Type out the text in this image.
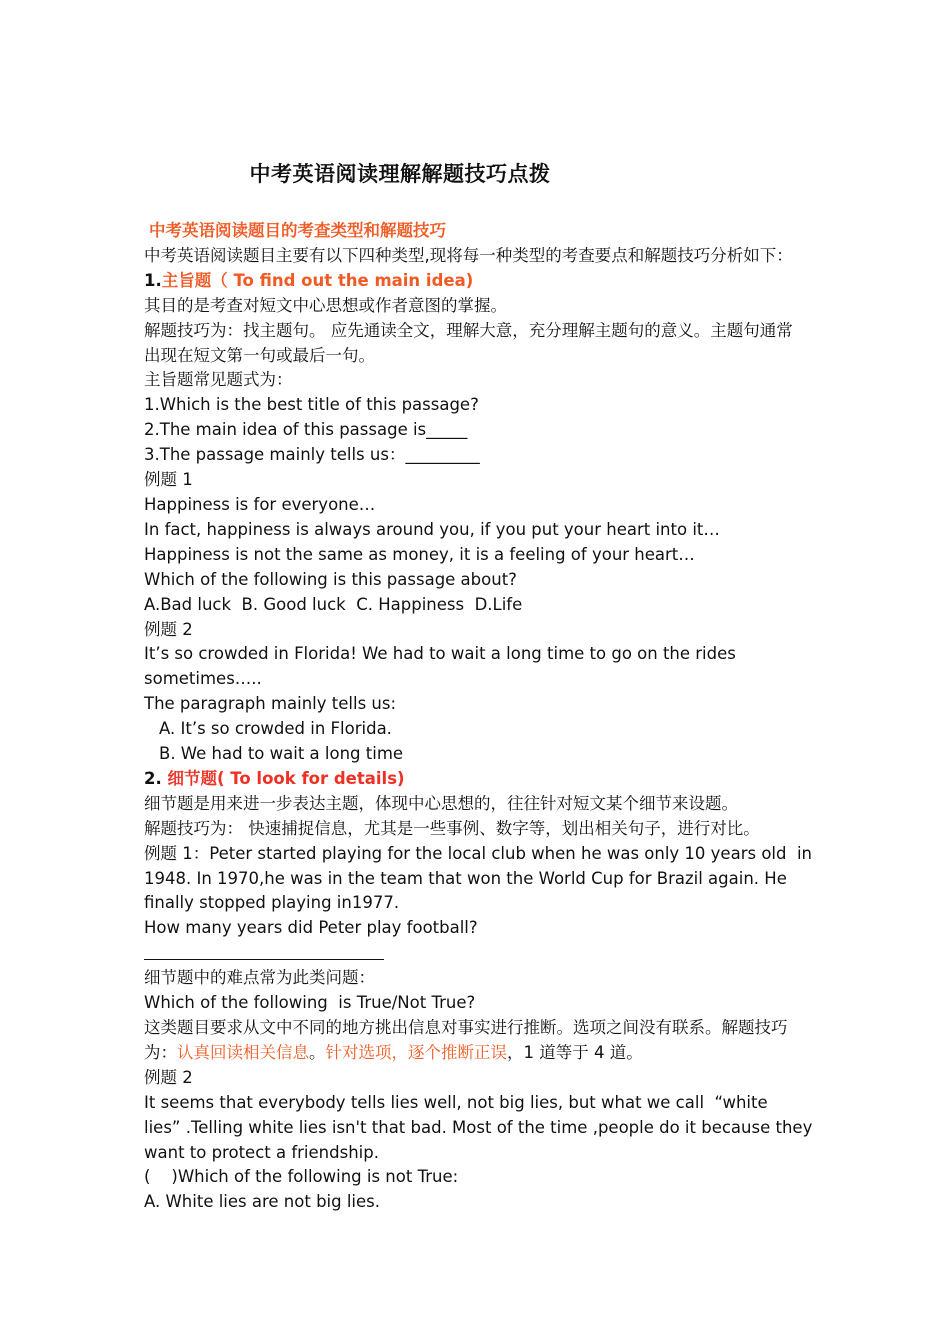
中考英语阅读理解解题技巧点拨
中考英语阅读题目的考查类型和解题技巧
中考英语阅读题目主要有以下四种类型,现将每一种类型的考查要点和解题技巧分析如下：
1.主旨题（ To find out the main idea)
其目的是考查对短文中心思想或作者意图的掌握。
解题技巧为：找主题句。 应先通读全文，理解大意，充分理解主题句的意义。主题句通常
出现在短文第一句或最后一句。
主旨题常见题式为：
1.Which is the best title of this passage?
2.The main idea of this passage is_____
3.The passage mainly tells us：_________
例题 1
Happiness is for everyone…
In fact, happiness is always around you, if you put your heart into it…
Happiness is not the same as money, it is a feeling of your heart…
Which of the following is this passage about?
A.Bad luck  B. Good luck  C. Happiness  D.Life
例题 2
It’s so crowded in Florida! We had to wait a long time to go on the rides
sometimes…..
The paragraph mainly tells us:
A. It’s so crowded in Florida.
B. We had to wait a long time
2. 细节题( To look for details)
细节题是用来进一步表达主题，体现中心思想的，往往针对短文某个细节来设题。
解题技巧为： 快速捕捉信息，尤其是一些事例、数字等，划出相关句子，进行对比。
例题 1：Peter started playing for the local club when he was only 10 years old  in
1948. In 1970,he was in the team that won the World Cup for Brazil again. He
finally stopped playing in1977.
How many years did Peter play football?
细节题中的难点常为此类问题：
Which of the following  is True/Not True?
这类题目要求从文中不同的地方挑出信息对事实进行推断。选项之间没有联系。解题技巧
为：认真回读相关信息。针对选项，逐个推断正误，1 道等于 4 道。
例题 2
It seems that everybody tells lies well, not big lies, but what we call  “white
lies” .Telling white lies isn't that bad. Most of the time ,people do it because they
want to protect a friendship.
(    )Which of the following is not True:
A. White lies are not big lies.
